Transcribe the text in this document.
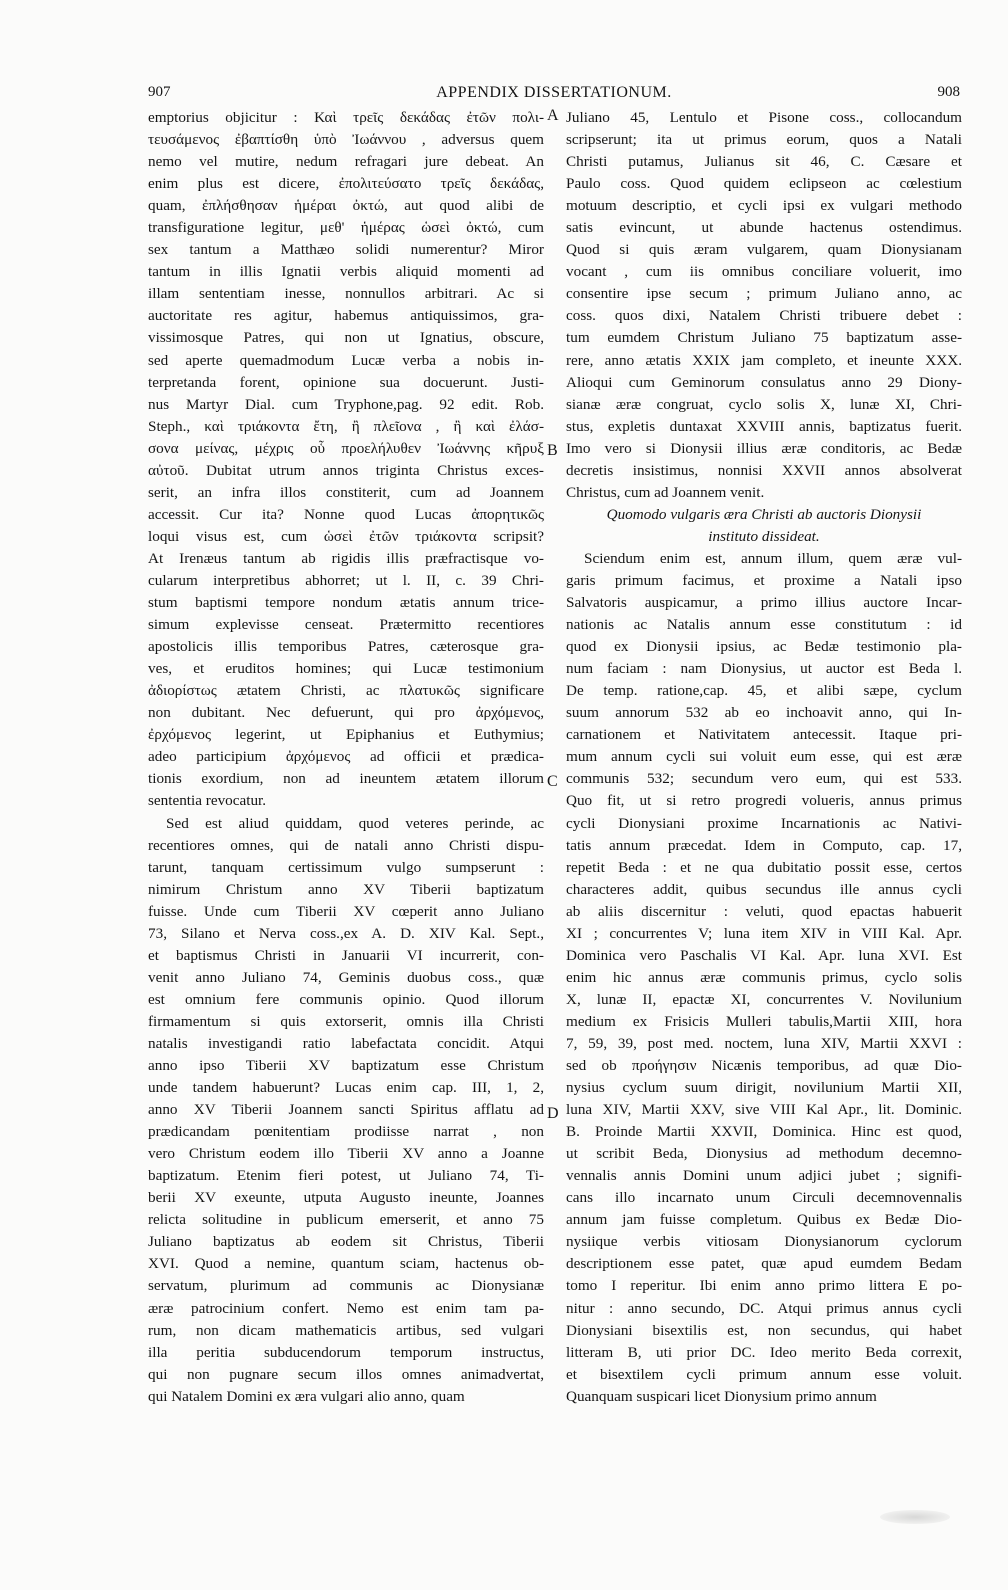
907	APPENDIX DISSERTATIONUM.	908
emptorius objicitur : Καὶ τρεῖς δεκάδας ἐτῶν πολι-
τευσάμενος ἐβαπτίσθη ὑπὸ Ἰωάννου , adversus quem
nemo vel mutire, nedum refragari jure debeat. An
enim plus est dicere, ἐπολιτεύσατο τρεῖς δεκάδας,
quam, ἐπλήσθησαν ἡμέραι ὀκτώ, aut quod alibi de
transfiguratione legitur, μεθ' ἡμέρας ὡσεὶ ὀκτώ, cum
sex tantum a Matthæo solidi numerentur? Miror
tantum in illis Ignatii verbis aliquid momenti ad
illam sententiam inesse, nonnullos arbitrari. Ac si
auctoritate res agitur, habemus antiquissimos, gra-
vissimosque Patres, qui non ut Ignatius, obscure,
sed aperte quemadmodum Lucæ verba a nobis in-
terpretanda forent, opinione sua docuerunt. Justi-
nus Martyr Dial. cum Tryphone,pag. 92 edit. Rob.
Steph., καὶ τριάκοντα ἔτη, ἢ πλεῖονα , ἢ καὶ ἐλάσ-
σονα μείνας, μέχρις οὗ προελήλυθεν Ἰωάννης κῆρυξ
αὐτοῦ. Dubitat utrum annos triginta Christus exces-
serit, an infra illos constiterit, cum ad Joannem
accessit. Cur ita? Nonne quod Lucas ἀπορητικῶς
loqui visus est, cum ὡσεὶ ἐτῶν τριάκοντα scripsit?
At Irenæus tantum ab rigidis illis præfractisque vo-
cularum interpretibus abhorret; ut l. II, c. 39 Chri-
stum baptismi tempore nondum ætatis annum trice-
simum explevisse censeat. Prætermitto recentiores
apostolicis illis temporibus Patres, cæterosque gra-
ves, et eruditos homines; qui Lucæ testimonium
ἀδιορίστως ætatem Christi, ac πλατυκῶς significare
non dubitant. Nec defuerunt, qui pro ἀρχόμενος,
ἐρχόμενος legerint, ut Epiphanius et Euthymius;
adeo participium ἀρχόμενος ad officii et prædica-
tionis exordium, non ad ineuntem ætatem illorum
sententia revocatur.
Sed est aliud quiddam, quod veteres perinde, ac
recentiores omnes, qui de natali anno Christi dispu-
tarunt, tanquam certissimum vulgo sumpserunt :
nimirum Christum anno XV Tiberii baptizatum
fuisse. Unde cum Tiberii XV cœperit anno Juliano
73, Silano et Nerva coss.,ex A. D. XIV Kal. Sept.,
et baptismus Christi in Januarii VI incurrerit, con-
venit anno Juliano 74, Geminis duobus coss., quæ
est omnium fere communis opinio. Quod illorum
firmamentum si quis extorserit, omnis illa Christi
natalis investigandi ratio labefactata concidit. Atqui
anno ipso Tiberii XV baptizatum esse Christum
unde tandem habuerunt? Lucas enim cap. III, 1, 2,
anno XV Tiberii Joannem sancti Spiritus afflatu ad
prædicandam pœnitentiam prodiisse narrat , non
vero Christum eodem illo Tiberii XV anno a Joanne
baptizatum. Etenim fieri potest, ut Juliano 74, Ti-
berii XV exeunte, utputa Augusto ineunte, Joannes
relicta solitudine in publicum emerserit, et anno 75
Juliano baptizatus ab eodem sit Christus, Tiberii
XVI. Quod a nemine, quantum sciam, hactenus ob-
servatum, plurimum ad communis ac Dionysianæ
æræ patrocinium confert. Nemo est enim tam pa-
rum, non dicam mathematicis artibus, sed vulgari
illa peritia subducendorum temporum instructus,
qui non pugnare secum illos omnes animadvertat,
qui Natalem Domini ex æra vulgari alio anno, quam
Juliano 45, Lentulo et Pisone coss., collocandum
scripserunt; ita ut primus eorum, quos a Natali
Christi putamus, Julianus sit 46, C. Cæsare et
Paulo coss. Quod quidem eclipseon ac cœlestium
motuum descriptio, et cycli ipsi ex vulgari methodo
satis evincunt, ut abunde hactenus ostendimus.
Quod si quis æram vulgarem, quam Dionysianam
vocant , cum iis omnibus conciliare voluerit, imo
consentire ipse secum ; primum Juliano anno, ac
coss. quos dixi, Natalem Christi tribuere debet :
tum eumdem Christum Juliano 75 baptizatum asse-
rere, anno ætatis XXIX jam completo, et ineunte XXX.
Alioqui cum Geminorum consulatus anno 29 Diony-
sianæ æræ congruat, cyclo solis X, lunæ XI, Chri-
stus, expletis duntaxat XXVIII annis, baptizatus fuerit.
Imo vero si Dionysii illius æræ conditoris, ac Bedæ
decretis insistimus, nonnisi XXVII annos absolverat
Christus, cum ad Joannem venit.
Quomodo vulgaris æra Christi ab auctoris Dionysii
instituto dissideat.
Sciendum enim est, annum illum, quem æræ vul-
garis primum facimus, et proxime a Natali ipso
Salvatoris auspicamur, a primo illius auctore Incar-
nationis ac Natalis annum esse constitutum : id
quod ex Dionysii ipsius, ac Bedæ testimonio pla-
num faciam : nam Dionysius, ut auctor est Beda l.
De temp. ratione,cap. 45, et alibi sæpe, cyclum
suum annorum 532 ab eo inchoavit anno, qui In-
carnationem et Nativitatem antecessit. Itaque pri-
mum annum cycli sui voluit eum esse, qui est æræ
communis 532; secundum vero eum, qui est 533.
Quo fit, ut si retro progredi volueris, annus primus
cycli Dionysiani proxime Incarnationis ac Nativi-
tatis annum præcedat. Idem in Computo, cap. 17,
repetit Beda : et ne qua dubitatio possit esse, certos
characteres addit, quibus secundus ille annus cycli
ab aliis discernitur : veluti, quod epactas habuerit
XI ; concurrentes V; luna item XIV in VIII Kal. Apr.
Dominica vero Paschalis VI Kal. Apr. luna XVI. Est
enim hic annus æræ communis primus, cyclo solis
X, lunæ II, epactæ XI, concurrentes V. Novilunium
medium ex Frisicis Mulleri tabulis,Martii XIII, hora
7, 59, 39, post med. noctem, luna XIV, Martii XXVI :
sed ob προήγησιν Nicænis temporibus, ad quæ Dio-
nysius cyclum suum dirigit, novilunium Martii XII,
luna XIV, Martii XXV, sive VIII Kal Apr., lit. Dominic.
B. Proinde Martii XXVII, Dominica. Hinc est quod,
ut scribit Beda, Dionysius ad methodum decemno-
vennalis annis Domini unum adjici jubet ; signifi-
cans illo incarnato unum Circuli decemnovennalis
annum jam fuisse completum. Quibus ex Bedæ Dio-
nysiique verbis vitiosam Dionysianorum cyclorum
descriptionem esse patet, quæ apud eumdem Bedam
tomo I reperitur. Ibi enim anno primo littera E po-
nitur : anno secundo, DC. Atqui primus annus cycli
Dionysiani bisextilis est, non secundus, qui habet
litteram B, uti prior DC. Ideo merito Beda correxit,
et bisextilem cycli primum annum esse voluit.
Quanquam suspicari licet Dionysium primo annum
A
B
C
D
